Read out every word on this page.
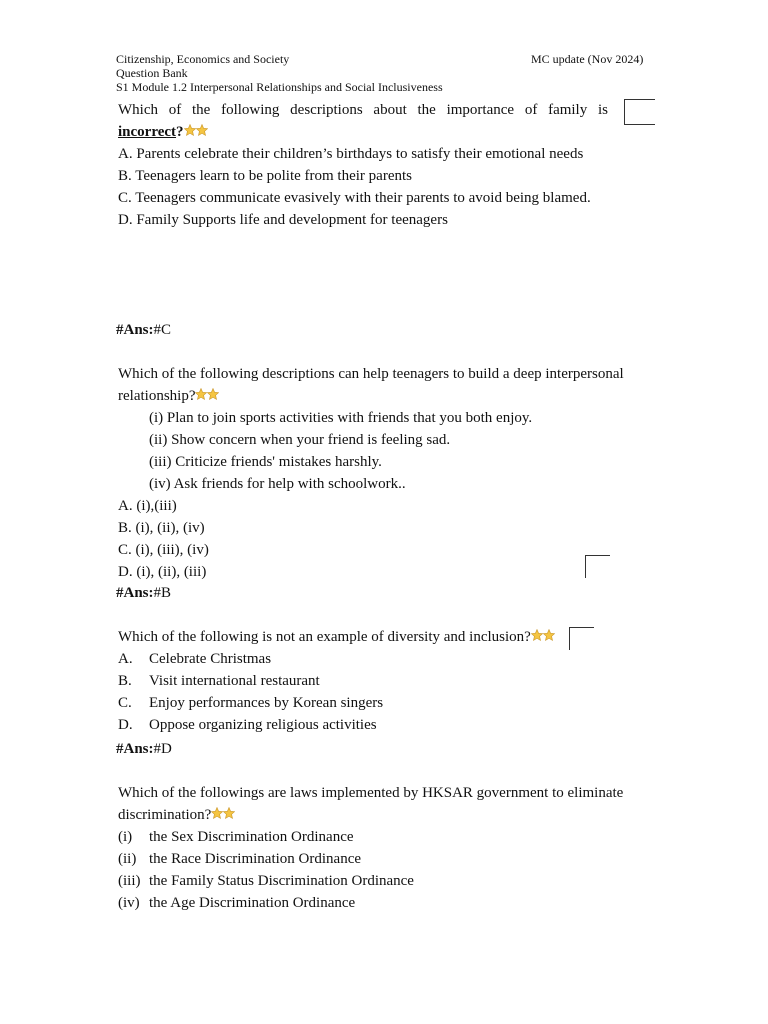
Citizenship, Economics and Society	MC update (Nov 2024)
Question Bank
S1 Module 1.2 Interpersonal Relationships and Social Inclusiveness
Which of the following descriptions about the importance of family is
incorrect?
A. Parents celebrate their children’s birthdays to satisfy their emotional needs
B. Teenagers learn to be polite from their parents
C. Teenagers communicate evasively with their parents to avoid being blamed.
D. Family Supports life and development for teenagers
#Ans:#C
Which of the following descriptions can help teenagers to build a deep interpersonal
relationship?
(i) Plan to join sports activities with friends that you both enjoy.
(ii) Show concern when your friend is feeling sad.
(iii) Criticize friends' mistakes harshly.
(iv) Ask friends for help with schoolwork..
A. (i),(iii)
B. (i), (ii), (iv)
C. (i), (iii), (iv)
D. (i), (ii), (iii)
#Ans:#B
Which of the following is not an example of diversity and inclusion?
A. Celebrate Christmas
B. Visit international restaurant
C. Enjoy performances by Korean singers
D. Oppose organizing religious activities
#Ans:#D
Which of the followings are laws implemented by HKSAR government to eliminate
discrimination?
(i) the Sex Discrimination Ordinance
(ii) the Race Discrimination Ordinance
(iii) the Family Status Discrimination Ordinance
(iv) the Age Discrimination Ordinance
